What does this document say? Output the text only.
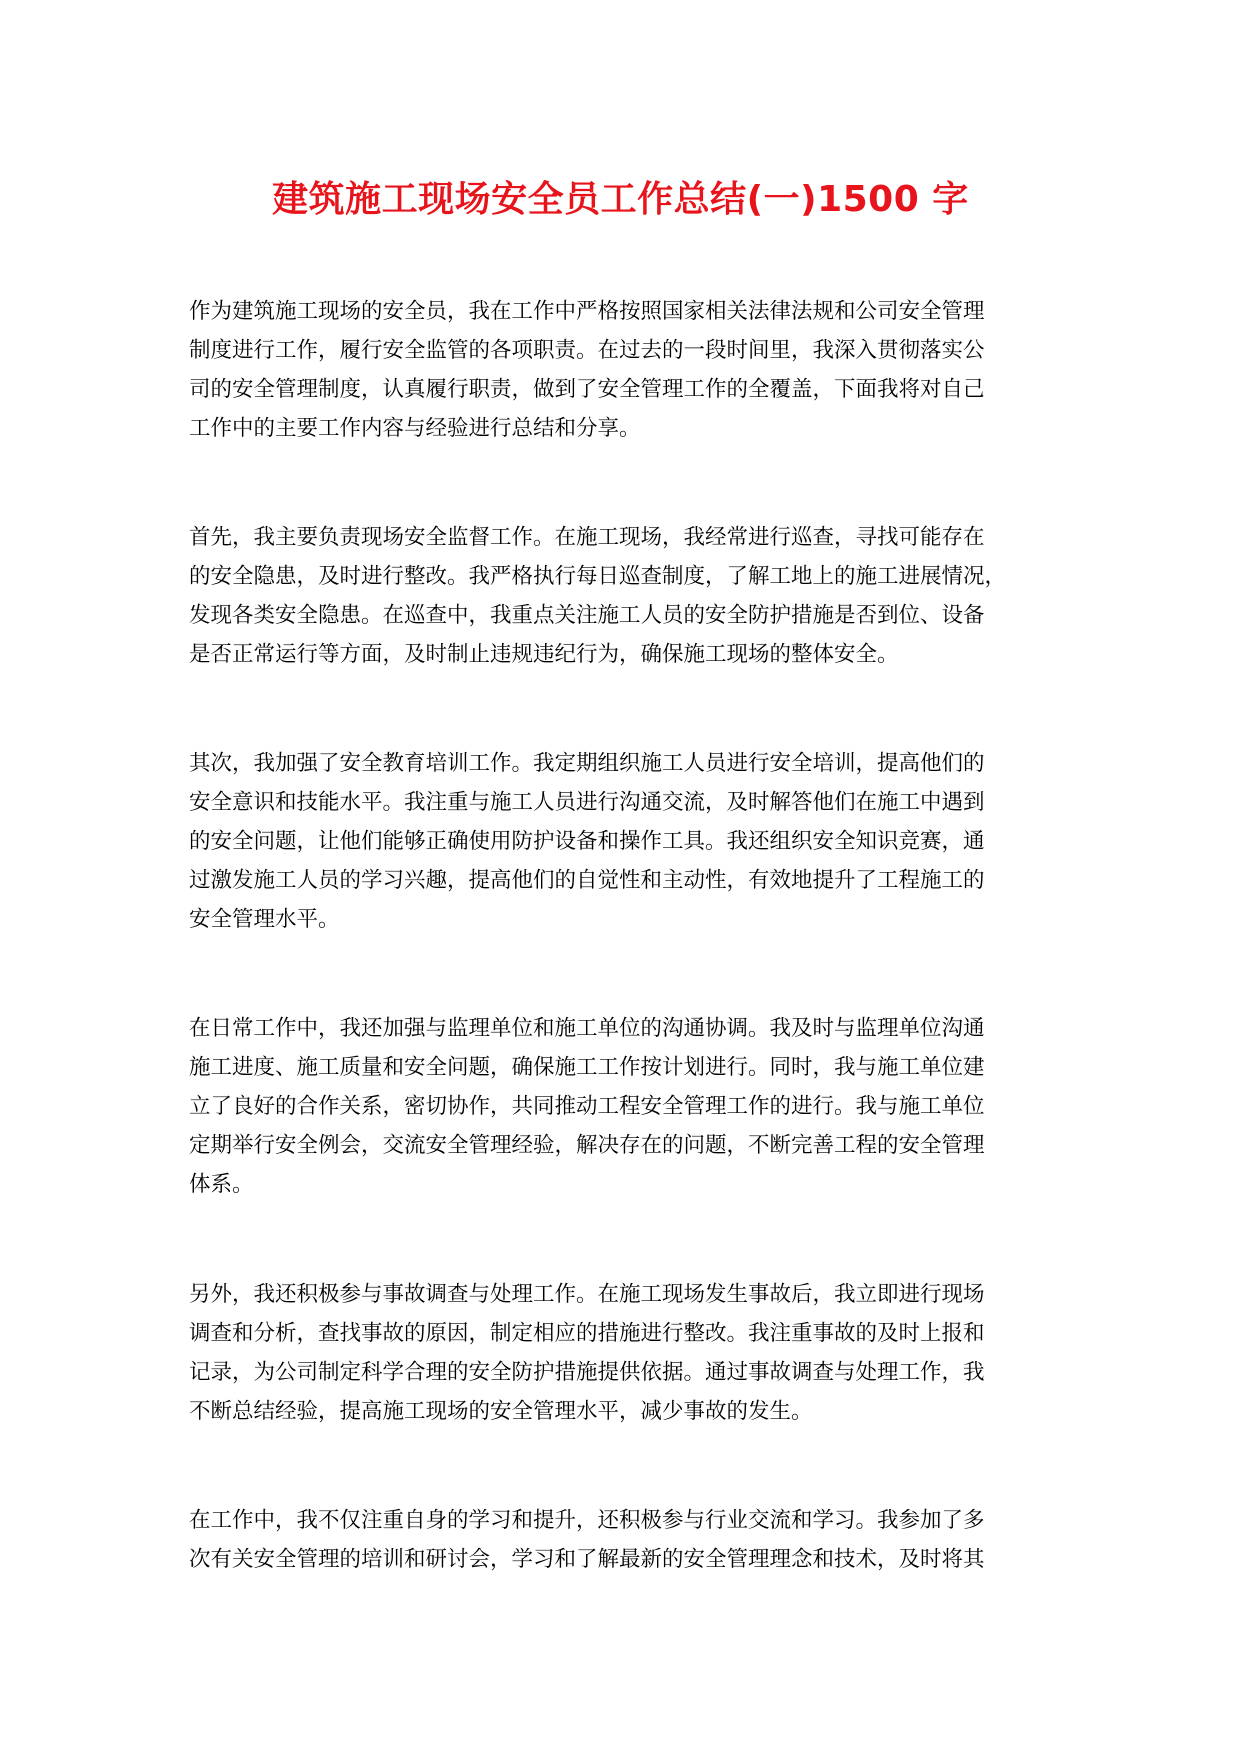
建筑施工现场安全员工作总结(一)1500 字

作为建筑施工现场的安全员，我在工作中严格按照国家相关法律法规和公司安全管理
制度进行工作，履行安全监管的各项职责。在过去的一段时间里，我深入贯彻落实公
司的安全管理制度，认真履行职责，做到了安全管理工作的全覆盖，下面我将对自己
工作中的主要工作内容与经验进行总结和分享。

首先，我主要负责现场安全监督工作。在施工现场，我经常进行巡查，寻找可能存在
的安全隐患，及时进行整改。我严格执行每日巡查制度，了解工地上的施工进展情况，
发现各类安全隐患。在巡查中，我重点关注施工人员的安全防护措施是否到位、设备
是否正常运行等方面，及时制止违规违纪行为，确保施工现场的整体安全。

其次，我加强了安全教育培训工作。我定期组织施工人员进行安全培训，提高他们的
安全意识和技能水平。我注重与施工人员进行沟通交流，及时解答他们在施工中遇到
的安全问题，让他们能够正确使用防护设备和操作工具。我还组织安全知识竞赛，通
过激发施工人员的学习兴趣，提高他们的自觉性和主动性，有效地提升了工程施工的
安全管理水平。

在日常工作中，我还加强与监理单位和施工单位的沟通协调。我及时与监理单位沟通
施工进度、施工质量和安全问题，确保施工工作按计划进行。同时，我与施工单位建
立了良好的合作关系，密切协作，共同推动工程安全管理工作的进行。我与施工单位
定期举行安全例会，交流安全管理经验，解决存在的问题，不断完善工程的安全管理
体系。

另外，我还积极参与事故调查与处理工作。在施工现场发生事故后，我立即进行现场
调查和分析，查找事故的原因，制定相应的措施进行整改。我注重事故的及时上报和
记录，为公司制定科学合理的安全防护措施提供依据。通过事故调查与处理工作，我
不断总结经验，提高施工现场的安全管理水平，减少事故的发生。

在工作中，我不仅注重自身的学习和提升，还积极参与行业交流和学习。我参加了多
次有关安全管理的培训和研讨会，学习和了解最新的安全管理理念和技术，及时将其
